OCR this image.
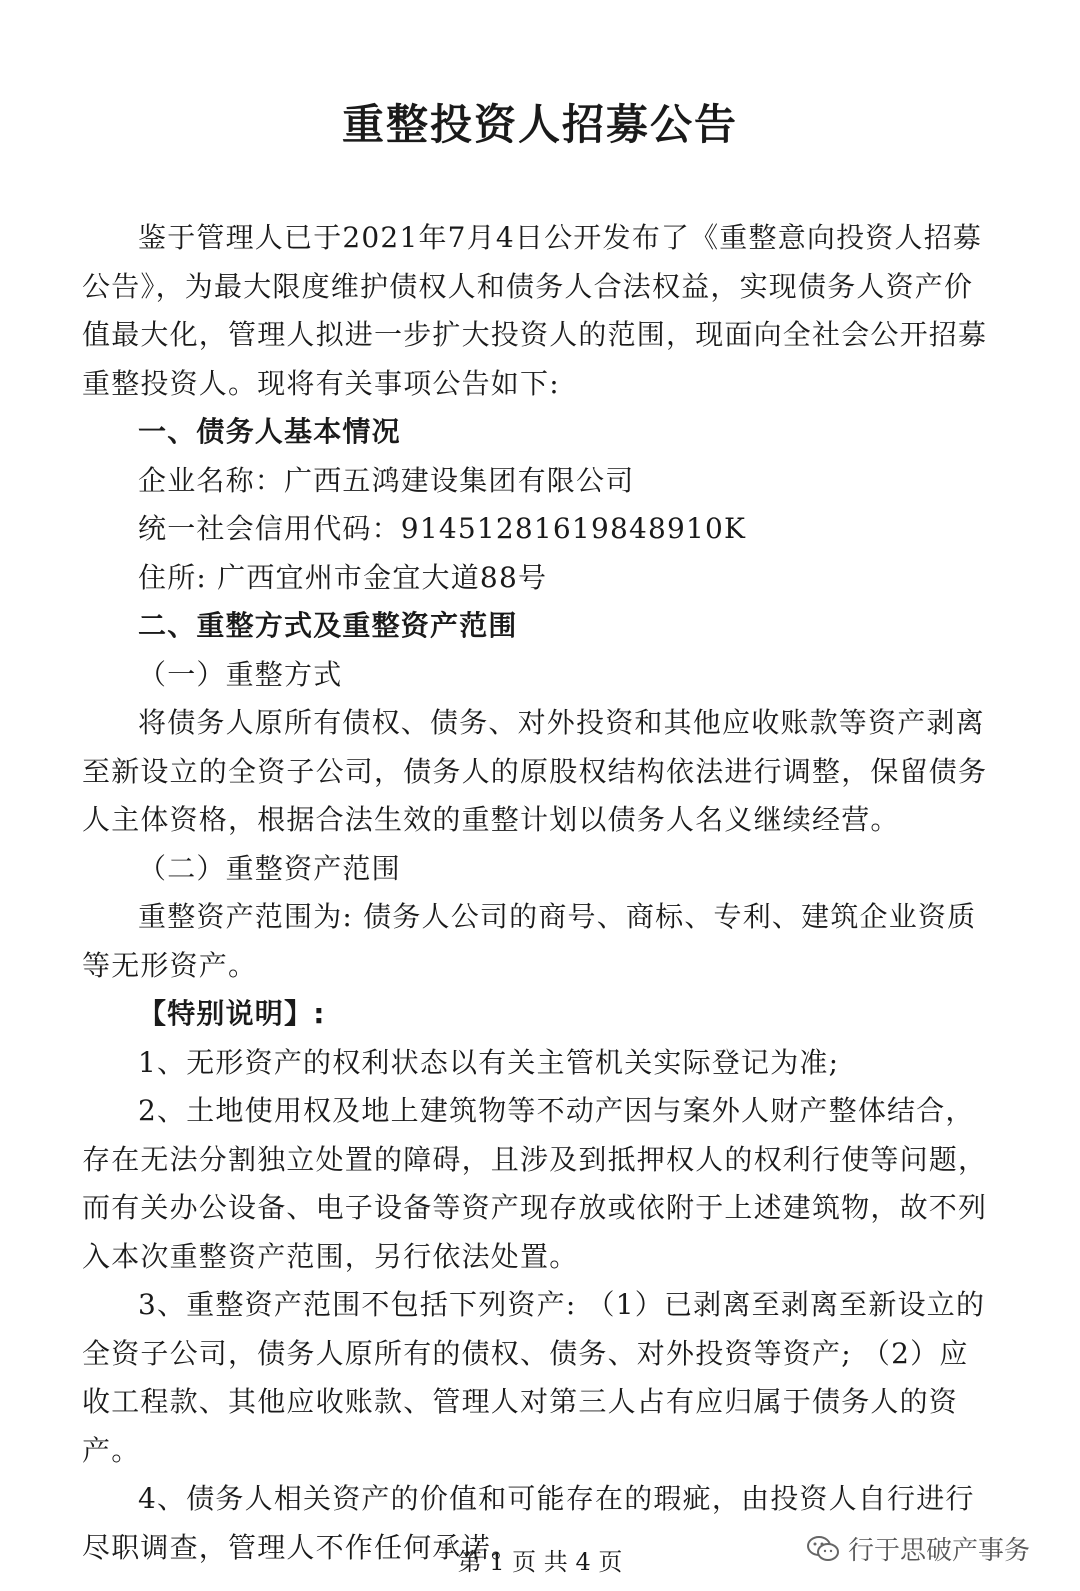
重整投资人招募公告

鉴于管理人已于2021年7月4日公开发布了《重整意向投资人招募公告》，为最大限度维护债权人和债务人合法权益，实现债务人资产价值最大化，管理人拟进一步扩大投资人的范围，现面向全社会公开招募重整投资人。现将有关事项公告如下:

一、债务人基本情况

企业名称：广西五鸿建设集团有限公司

统一社会信用代码：91451281619848910K

住所: 广西宜州市金宜大道88号

二、重整方式及重整资产范围

（一）重整方式

将债务人原所有债权、债务、对外投资和其他应收账款等资产剥离至新设立的全资子公司，债务人的原股权结构依法进行调整，保留债务人主体资格，根据合法生效的重整计划以债务人名义继续经营。

（二）重整资产范围

重整资产范围为: 债务人公司的商号、商标、专利、建筑企业资质等无形资产。

【特别说明】:

1、无形资产的权利状态以有关主管机关实际登记为准;

2、土地使用权及地上建筑物等不动产因与案外人财产整体结合，存在无法分割独立处置的障碍，且涉及到抵押权人的权利行使等问题，而有关办公设备、电子设备等资产现存放或依附于上述建筑物，故不列入本次重整资产范围，另行依法处置。

3、重整资产范围不包括下列资产: （1）已剥离至剥离至新设立的全资子公司，债务人原所有的债权、债务、对外投资等资产; （2）应收工程款、其他应收账款、管理人对第三人占有应归属于债务人的资产。

4、债务人相关资产的价值和可能存在的瑕疵，由投资人自行进行尽职调查，管理人不作任何承诺。

第 1 页 共 4 页	行于思破产事务
